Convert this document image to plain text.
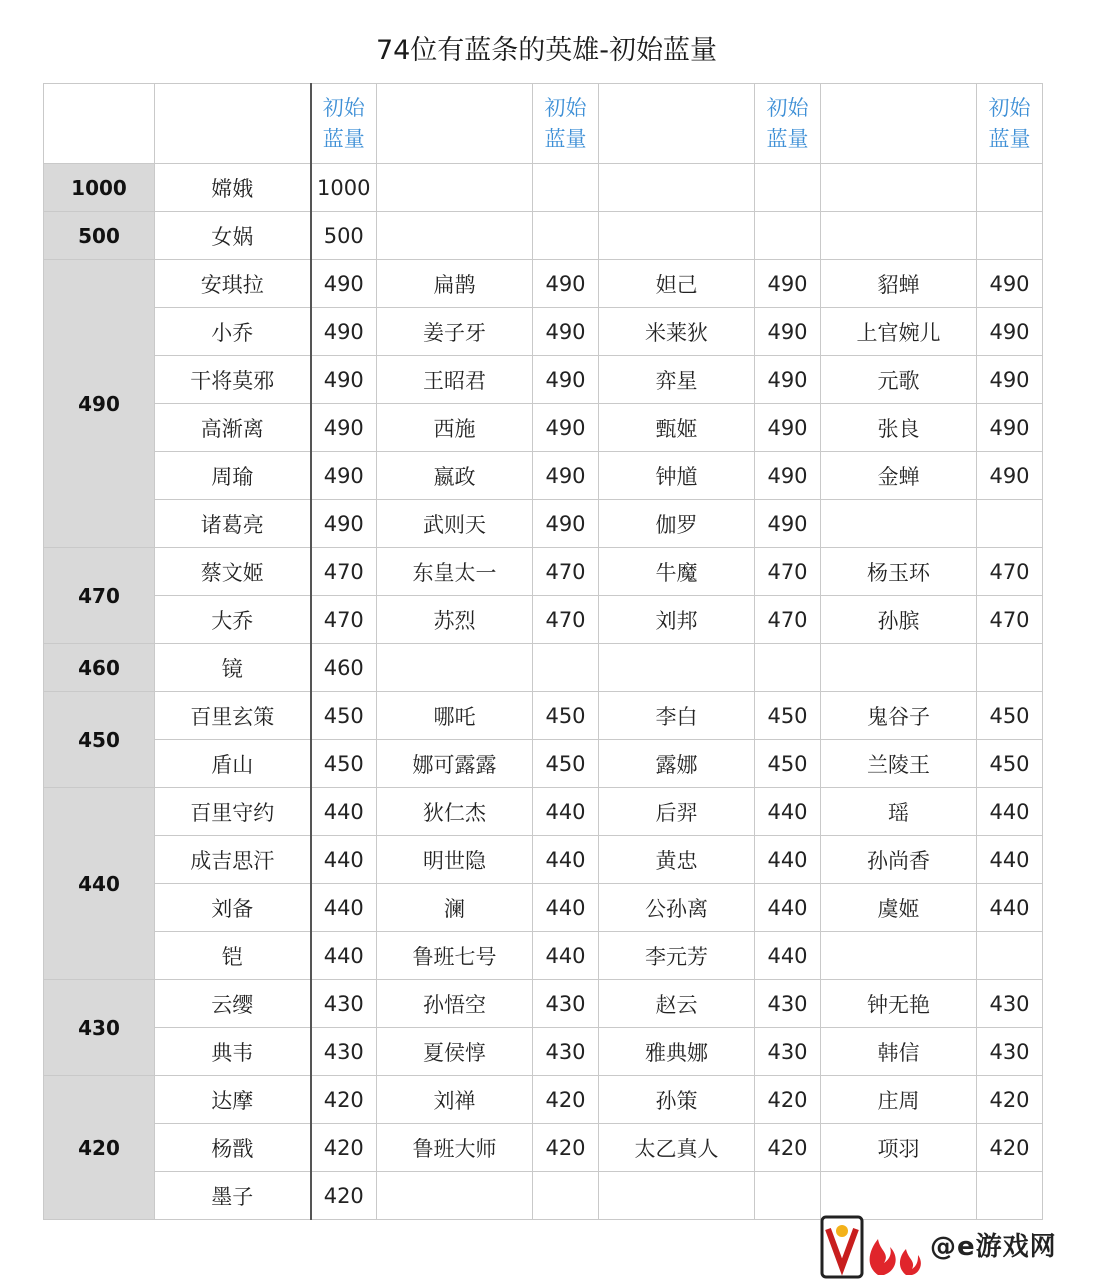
74位有蓝条的英雄-初始蓝量
		初始
蓝量		初始
蓝量		初始
蓝量		初始
蓝量
1000	嫦娥	1000						
500	女娲	500						
490	安琪拉	490	扁鹊	490	妲己	490	貂蝉	490
	小乔	490	姜子牙	490	米莱狄	490	上官婉儿	490
	干将莫邪	490	王昭君	490	弈星	490	元歌	490
	高渐离	490	西施	490	甄姬	490	张良	490
	周瑜	490	嬴政	490	钟馗	490	金蝉	490
	诸葛亮	490	武则天	490	伽罗	490		
470	蔡文姬	470	东皇太一	470	牛魔	470	杨玉环	470
	大乔	470	苏烈	470	刘邦	470	孙膑	470
460	镜	460						
450	百里玄策	450	哪吒	450	李白	450	鬼谷子	450
	盾山	450	娜可露露	450	露娜	450	兰陵王	450
440	百里守约	440	狄仁杰	440	后羿	440	瑶	440
	成吉思汗	440	明世隐	440	黄忠	440	孙尚香	440
	刘备	440	澜	440	公孙离	440	虞姬	440
	铠	440	鲁班七号	440	李元芳	440		
430	云缨	430	孙悟空	430	赵云	430	钟无艳	430
	典韦	430	夏侯惇	430	雅典娜	430	韩信	430
420	达摩	420	刘禅	420	孙策	420	庄周	420
	杨戬	420	鲁班大师	420	太乙真人	420	项羽	420
	墨子	420						
@e游戏网
